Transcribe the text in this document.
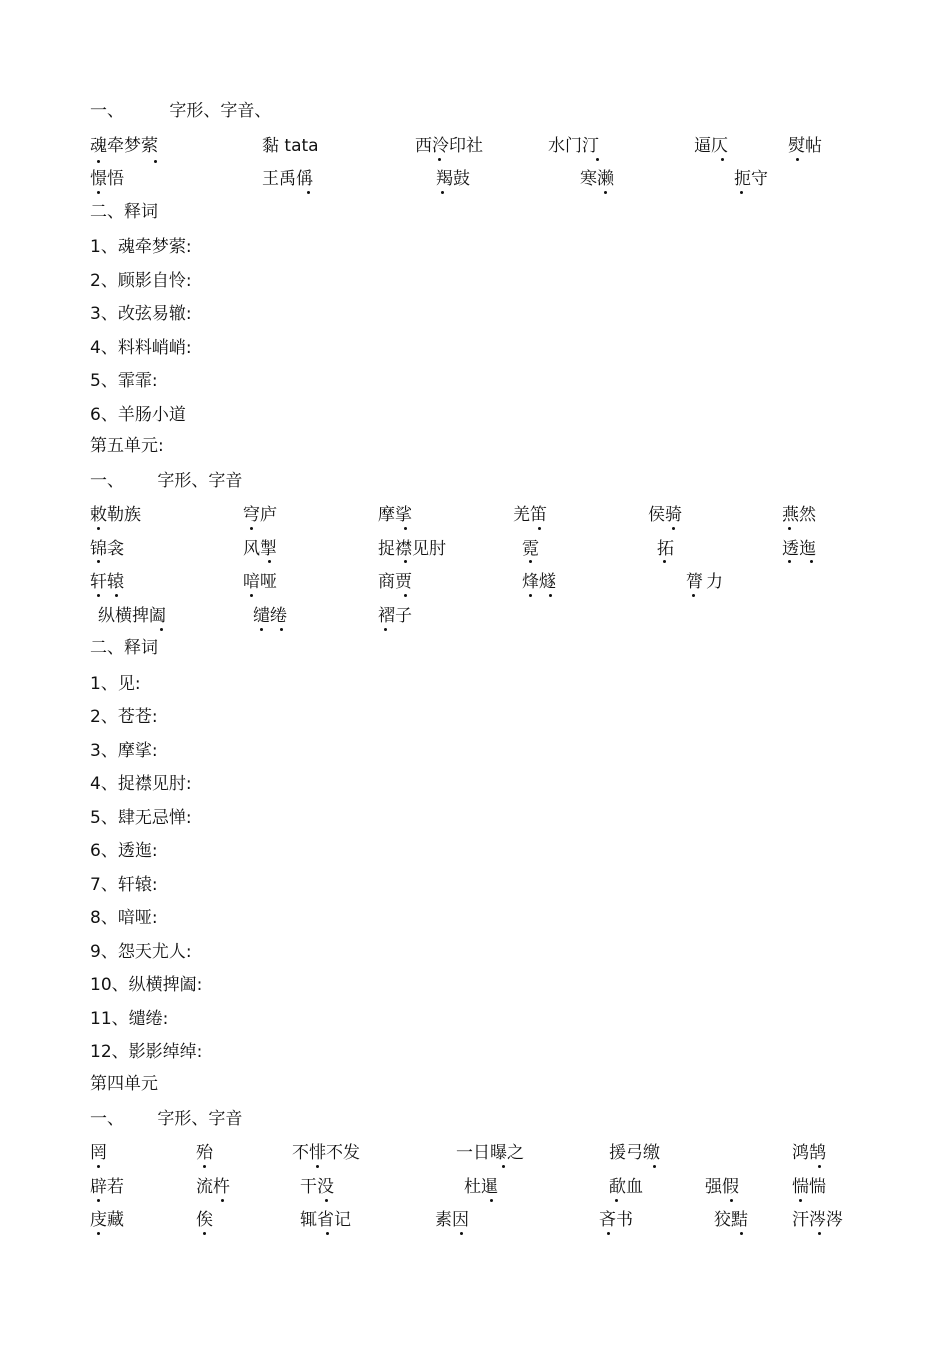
一、 字形、字音、
魂牵梦萦	黏 tata	西泠印社	水门汀	逼仄	熨帖
憬悟	王禹偁	羯鼓	寒濑	扼守
二、释词
1、魂牵梦萦:
2、顾影自怜:
3、改弦易辙:
4、料料峭峭:
5、霏霏:
6、羊肠小道
第五单元:
一、 字形、字音
敕勒族	穹庐	摩挲	羌笛	侯骑	燕然
锦衾	风掣	捉襟见肘	霓	拓	透迤
轩辕	喑哑	商贾	烽燧	膂力
纵横捭阖	缱绻	褶子
二、释词
1、见:
2、苍苍:
3、摩挲:
4、捉襟见肘:
5、肆无忌惮:
6、透迤:
7、轩辕:
8、喑哑:
9、怨天尤人:
10、纵横捭阖:
11、缱绻:
12、影影绰绰:
第四单元
一、 字形、字音
罔	殆	不悱不发	一日曝之	援弓缴	鸿鹄
辟若	流杵	干没	杜暹	歃血	强假	惴惴
庋藏	俟	辄省记	素因	吝书	狡黠	汗涔涔
